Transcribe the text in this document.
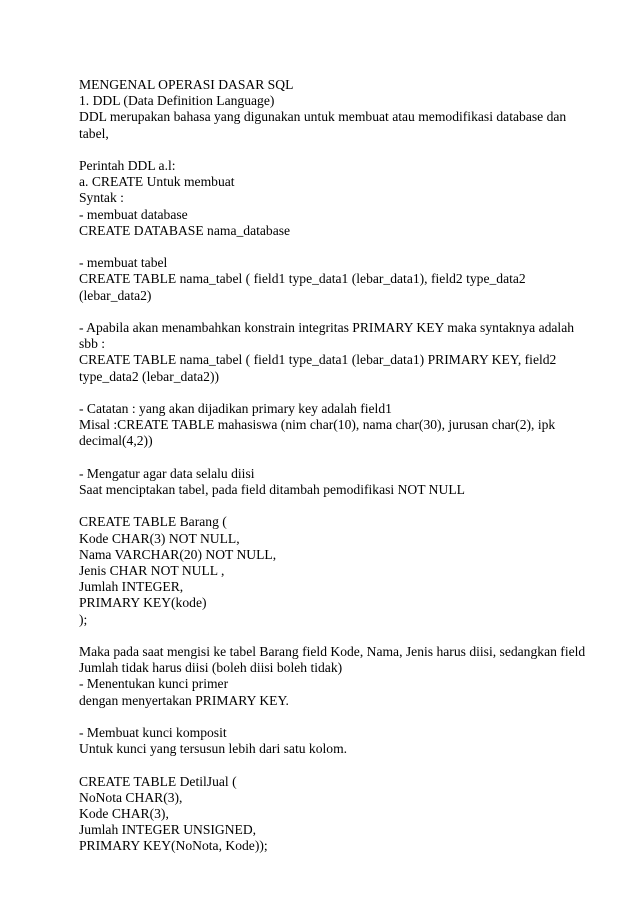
MENGENAL OPERASI DASAR SQL
1. DDL (Data Definition Language)
DDL merupakan bahasa yang digunakan untuk membuat atau memodifikasi database dan
tabel,
Perintah DDL a.l:
a. CREATE Untuk membuat
Syntak :
- membuat database
CREATE DATABASE nama_database
- membuat tabel
CREATE TABLE nama_tabel ( field1 type_data1 (lebar_data1), field2 type_data2
(lebar_data2)
- Apabila akan menambahkan konstrain integritas PRIMARY KEY maka syntaknya adalah
sbb :
CREATE TABLE nama_tabel ( field1 type_data1 (lebar_data1) PRIMARY KEY, field2
type_data2 (lebar_data2))
- Catatan : yang akan dijadikan primary key adalah field1
Misal :CREATE TABLE mahasiswa (nim char(10), nama char(30), jurusan char(2), ipk
decimal(4,2))
- Mengatur agar data selalu diisi
Saat menciptakan tabel, pada field ditambah pemodifikasi NOT NULL
CREATE TABLE Barang (
Kode CHAR(3) NOT NULL,
Nama VARCHAR(20) NOT NULL,
Jenis CHAR NOT NULL ,
Jumlah INTEGER,
PRIMARY KEY(kode)
);
Maka pada saat mengisi ke tabel Barang field Kode, Nama, Jenis harus diisi, sedangkan field
Jumlah tidak harus diisi (boleh diisi boleh tidak)
- Menentukan kunci primer
dengan menyertakan PRIMARY KEY.
- Membuat kunci komposit
Untuk kunci yang tersusun lebih dari satu kolom.
CREATE TABLE DetilJual (
NoNota CHAR(3),
Kode CHAR(3),
Jumlah INTEGER UNSIGNED,
PRIMARY KEY(NoNota, Kode));
